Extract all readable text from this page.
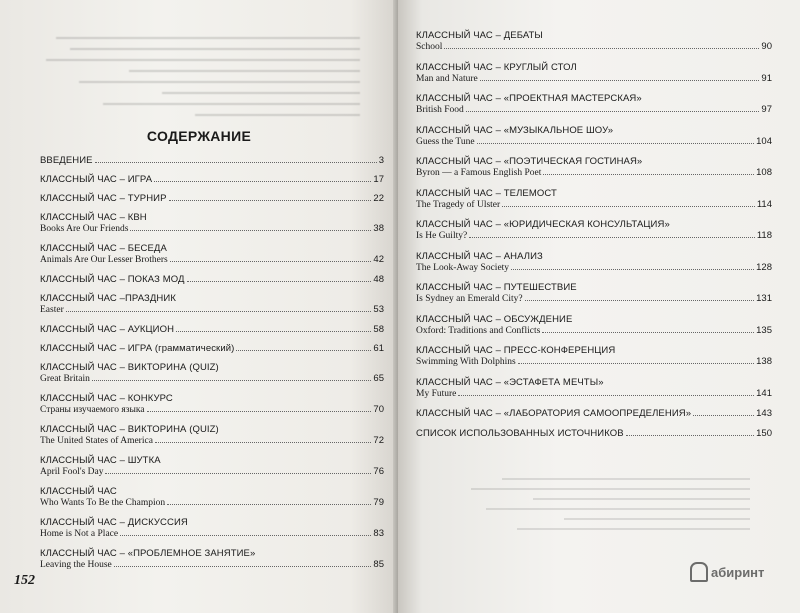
СОДЕРЖАНИЕ
ВВЕДЕНИЕ	3
КЛАССНЫЙ ЧАС – ИГРА	17
КЛАССНЫЙ ЧАС – ТУРНИР	22
КЛАССНЫЙ ЧАС – КВН
Books Are Our Friends	38
КЛАССНЫЙ ЧАС – БЕСЕДА
Animals Are Our Lesser Brothers	42
КЛАССНЫЙ ЧАС – ПОКАЗ МОД	48
КЛАССНЫЙ ЧАС –ПРАЗДНИК
Easter	53
КЛАССНЫЙ ЧАС – АУКЦИОН	58
КЛАССНЫЙ ЧАС – ИГРА (грамматический)	61
КЛАССНЫЙ ЧАС – ВИКТОРИНА (QUIZ)
Great Britain	65
КЛАССНЫЙ ЧАС – КОНКУРС
Страны изучаемого языка	70
КЛАССНЫЙ ЧАС – ВИКТОРИНА (QUIZ)
The United States of America	72
КЛАССНЫЙ ЧАС – ШУТКА
April Fool's Day	76
КЛАССНЫЙ ЧАС
Who Wants To Be the Champion	79
КЛАССНЫЙ ЧАС – ДИСКУССИЯ
Home is Not a Place	83
КЛАССНЫЙ ЧАС – «ПРОБЛЕМНОЕ ЗАНЯТИЕ»
Leaving the House	85
152
КЛАССНЫЙ ЧАС – ДЕБАТЫ
School	90
КЛАССНЫЙ ЧАС – КРУГЛЫЙ СТОЛ
Man and Nature	91
КЛАССНЫЙ ЧАС – «ПРОЕКТНАЯ МАСТЕРСКАЯ»
British Food	97
КЛАССНЫЙ ЧАС – «МУЗЫКАЛЬНОЕ ШОУ»
Guess the Tune	104
КЛАССНЫЙ ЧАС – «ПОЭТИЧЕСКАЯ ГОСТИНАЯ»
Byron — a Famous English Poet	108
КЛАССНЫЙ ЧАС – ТЕЛЕМОСТ
The Tragedy of Ulster	114
КЛАССНЫЙ ЧАС – «ЮРИДИЧЕСКАЯ КОНСУЛЬТАЦИЯ»
Is He Guilty?	118
КЛАССНЫЙ ЧАС – АНАЛИЗ
The Look-Away Society	128
КЛАССНЫЙ ЧАС – ПУТЕШЕСТВИЕ
Is Sydney an Emerald City?	131
КЛАССНЫЙ ЧАС – ОБСУЖДЕНИЕ
Oxford: Traditions and Conflicts	135
КЛАССНЫЙ ЧАС – ПРЕСС-КОНФЕРЕНЦИЯ
Swimming With Dolphins	138
КЛАССНЫЙ ЧАС – «ЭСТАФЕТА МЕЧТЫ»
My Future	141
КЛАССНЫЙ ЧАС – «ЛАБОРАТОРИЯ САМООПРЕДЕЛЕНИЯ»	143
СПИСОК ИСПОЛЬЗОВАННЫХ ИСТОЧНИКОВ	150
абиринт
